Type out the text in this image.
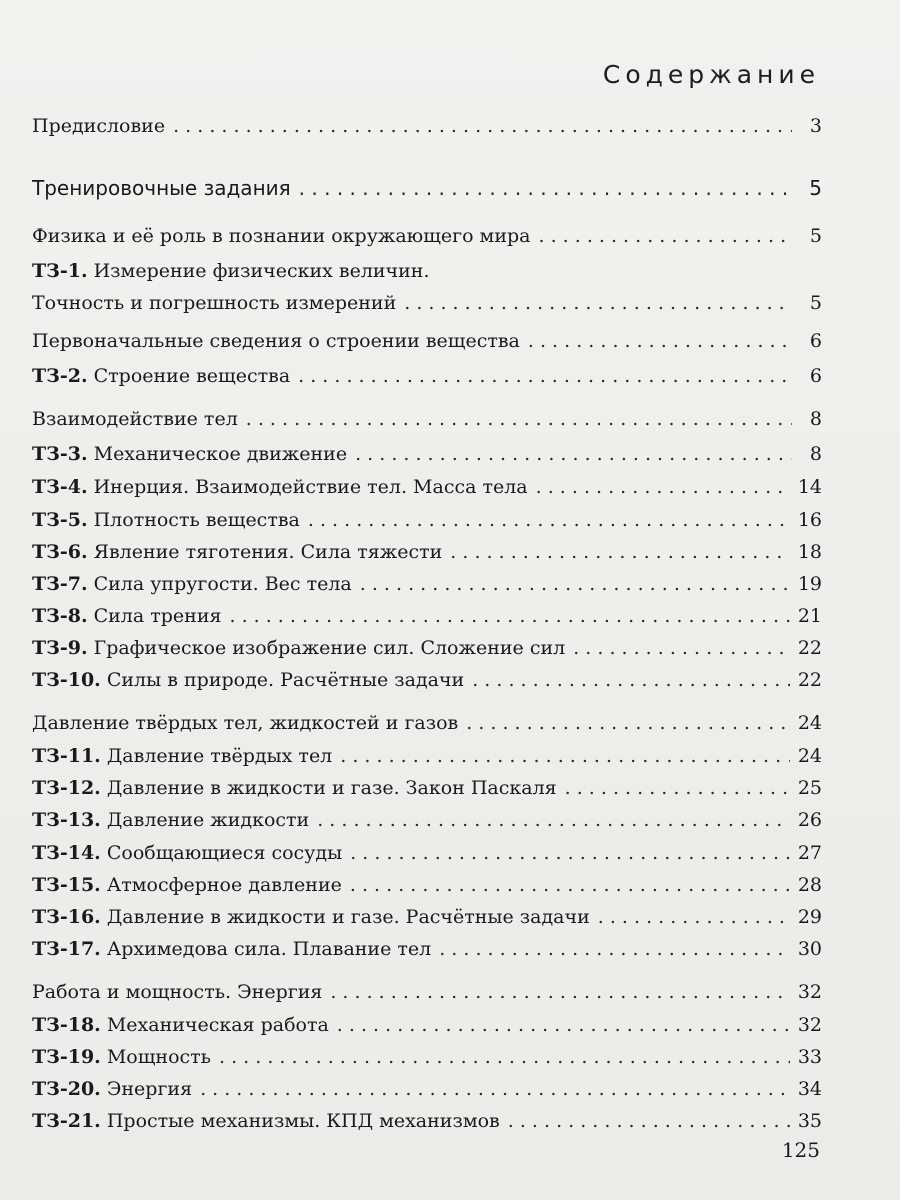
Содержание
Предисловие . . .	3
Тренировочные задания . . .	5
Физика и её роль в познании окружающего мира . . .	5
ТЗ-1. Измерение физических величин.
Точность и погрешность измерений . . .	5
Первоначальные сведения о строении вещества . . .	6
ТЗ-2. Строение вещества . . .	6
Взаимодействие тел . . .	8
ТЗ-3. Механическое движение . . .	8
ТЗ-4. Инерция. Взаимодействие тел. Масса тела . . .	14
ТЗ-5. Плотность вещества . . .	16
ТЗ-6. Явление тяготения. Сила тяжести . . .	18
ТЗ-7. Сила упругости. Вес тела . . .	19
ТЗ-8. Сила трения . . .	21
ТЗ-9. Графическое изображение сил. Сложение сил . . .	22
ТЗ-10. Силы в природе. Расчётные задачи . . .	22
Давление твёрдых тел, жидкостей и газов . . .	24
ТЗ-11. Давление твёрдых тел . . .	24
ТЗ-12. Давление в жидкости и газе. Закон Паскаля . . .	25
ТЗ-13. Давление жидкости . . .	26
ТЗ-14. Сообщающиеся сосуды . . .	27
ТЗ-15. Атмосферное давление . . .	28
ТЗ-16. Давление в жидкости и газе. Расчётные задачи . . .	29
ТЗ-17. Архимедова сила. Плавание тел . . .	30
Работа и мощность. Энергия . . .	32
ТЗ-18. Механическая работа . . .	32
ТЗ-19. Мощность . . .	33
ТЗ-20. Энергия . . .	34
ТЗ-21. Простые механизмы. КПД механизмов . . .	35
125
